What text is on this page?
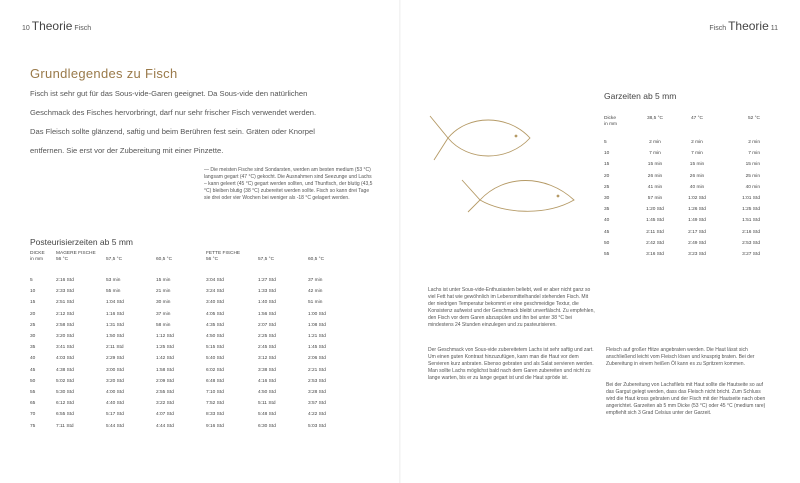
10 Theorie Fisch	Fisch Theorie 11
Grundlegendes zu Fisch
Fisch ist sehr gut für das Sous-vide-Garen geeignet. Da Sous-vide den natürlichen Geschmack des Fisches hervorbringt, darf nur sehr frischer Fisch verwendet werden. Das Fleisch sollte glänzend, saftig und beim Berühren fest sein. Gräten oder Knorpel entfernen. Sie erst vor der Zubereitung mit einer Pinzette.
— Die meisten Fische sind Sondarsten, werden am besten medium (53 °C) langsam gegart (47 °C) gekocht. Die Ausnahmen sind Seezunge und Lachs – kann geleert (45 °C) gegart werden sollten, und Thunfisch, der blutig (43,5 °C) bleiben blutig (38 °C) zubereitet werden sollte. Fisch so kann drei Tage sie drei oder vier Wochen bei weniger als -18 °C gelagert werden.
Posteurisierzeiten ab 5 mm
DICKE	MAGERE FISCHE			FETTE FISCHE		
in mm	56 °C	57,5 °C	60,5 °C	56 °C	57,5 °C	60,5 °C
5	2:16 Std	53 min	15 min	3:04 Std	1:27 Std	37 min
10	2:33 Std	55 min	21 min	3:24 Std	1:33 Std	42 min
15	2:51 Std	1:04 Std	30 min	3:40 Std	1:40 Std	51 min
20	2:12 Std	1:16 Std	37 min	4:05 Std	1:56 Std	1:00 Std
25	2:58 Std	1:31 Std	58 min	4:35 Std	2:07 Std	1:08 Std
30	3:20 Std	1:50 Std	1:12 Std	4:50 Std	2:25 Std	1:21 Std
35	3:41 Std	2:11 Std	1:25 Std	5:15 Std	2:45 Std	1:45 Std
40	4:03 Std	2:29 Std	1:42 Std	5:40 Std	3:12 Std	2:06 Std
45	4:38 Std	3:00 Std	1:58 Std	6:02 Std	3:38 Std	2:21 Std
50	5:02 Std	3:20 Std	2:09 Std	6:48 Std	4:16 Std	2:53 Std
55	5:30 Std	4:00 Std	2:55 Std	7:10 Std	4:50 Std	3:28 Std
65	6:12 Std	4:40 Std	3:22 Std	7:52 Std	5:11 Std	3:57 Std
70	6:55 Std	5:17 Std	4:07 Std	8:33 Std	5:48 Std	4:22 Std
75	7:11 Std	5:44 Std	4:44 Std	9:16 Std	6:30 Std	5:03 Std
Garzeiten ab 5 mm
Dicke	38,5 °C	47 °C	52 °C
in mm			
5	2 min	2 min	2 min
10	7 min	7 min	7 min
15	15 min	15 min	15 min
20	26 min	26 min	25 min
25	41 min	40 min	40 min
30	57 min	1:02 Std	1:01 Std
35	1:20 Std	1:26 Std	1:25 Std
40	1:45 Std	1:49 Std	1:51 Std
45	2:11 Std	2:17 Std	2:16 Std
50	2:42 Std	2:49 Std	2:53 Std
55	3:16 Std	3:23 Std	3:27 Std
Lachs ist unter Sous-vide-Enthusiasten beliebt, weil er aber nicht ganz so viel Fett hat wie gewöhnlich im Lebensmittelhandel stehenden Fisch. Mit der niedrigen Temperatur bekommt er eine geschmeidige Textur, die Konsistenz aufweist und der Geschmack bleibt unverfälscht. Zu empfehlen, den Fisch vor dem Garen abzuspülen und ihn bei unter 38 °C bei mindestens 24 Stunden einzulegen und zu pasteurisieren.
Der Geschmack von Sous-vide zubereitetem Lachs ist sehr saftig und zart. Um einen guten Kontrast hinzuzufügen, kann man die Haut vor dem Servieren kurz anbraten. Ebenso gebraten und als Salat servieren werden. Man sollte Lachs möglichst bald nach dem Garen zubereiten und nicht zu lange warten, bis er zu lange gegart ist und die Haut spröde ist.
Fleisch auf großer Hitze angebraten werden. Die Haut lässt sich anschließend leicht vom Fleisch lösen und knusprig braten. Bei der Zubereitung in einem heißen Öl kann es zu Spritzern kommen.
Bei der Zubereitung von Lachsfilets mit Haut sollte die Hautseite so auf das Gargut gelegt werden, dass das Fleisch nicht bricht. Zum Schluss wird die Haut kross gebraten und der Fisch mit der Hautseite nach oben angerichtet. Garzeiten ab 5 mm Dicke (53 °C) oder 45 °C (medium rare) empfiehlt sich 3 Grad Celsius unter der Garzeit.
